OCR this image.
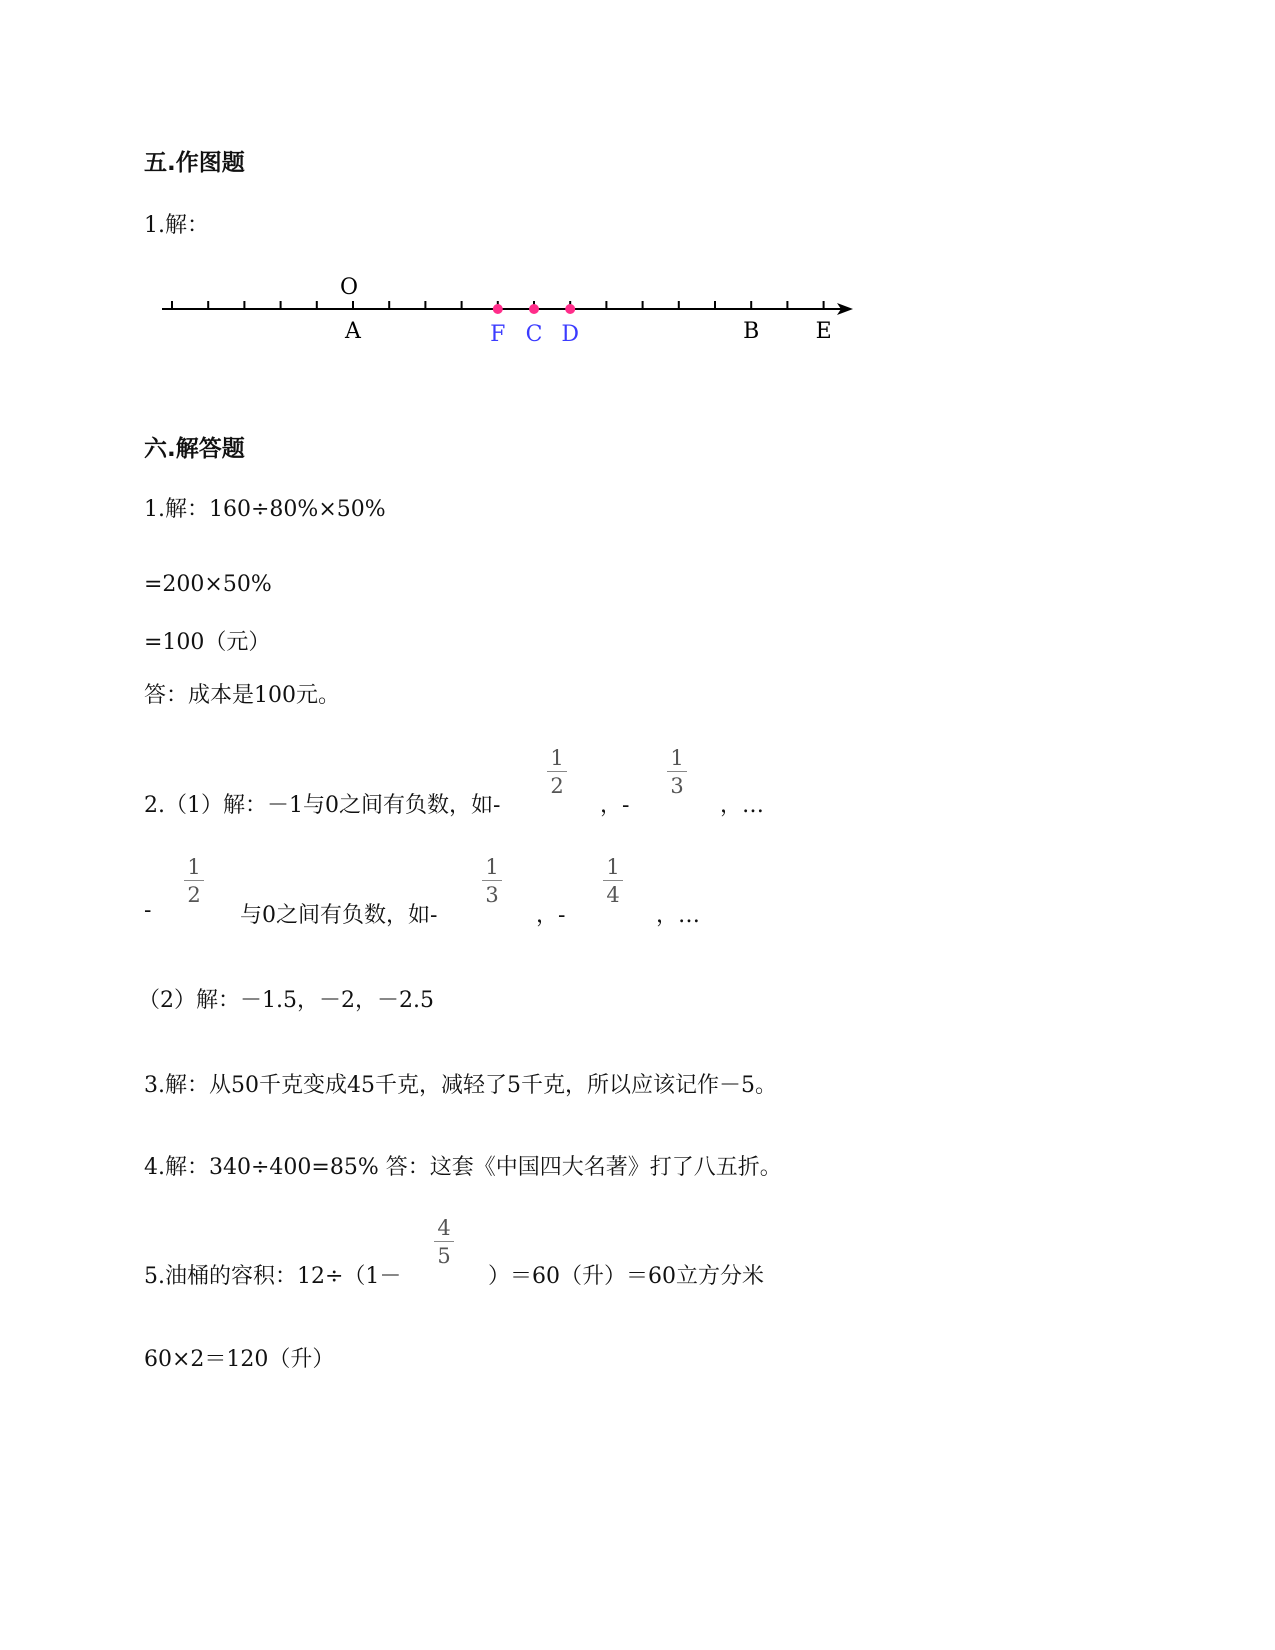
五.作图题
1.解：
O
A	F C D	B	E
六.解答题
1.解：160÷80%×50%
=200×50%
=100（元）
答：成本是100元。
2.（1）解：－1与0之间有负数，如-
1
2
，-
1
3
，…
-
1
2
与0之间有负数，如-
1
3
，-
1
4
，…
（2）解：－1.5，－2，－2.5
3.解：从50千克变成45千克，减轻了5千克，所以应该记作－5。
4.解：340÷400=85% 答：这套《中国四大名著》打了八五折。
5.油桶的容积：12÷（1－
4
5
）＝60（升）＝60立方分米
60×2＝120（升）
